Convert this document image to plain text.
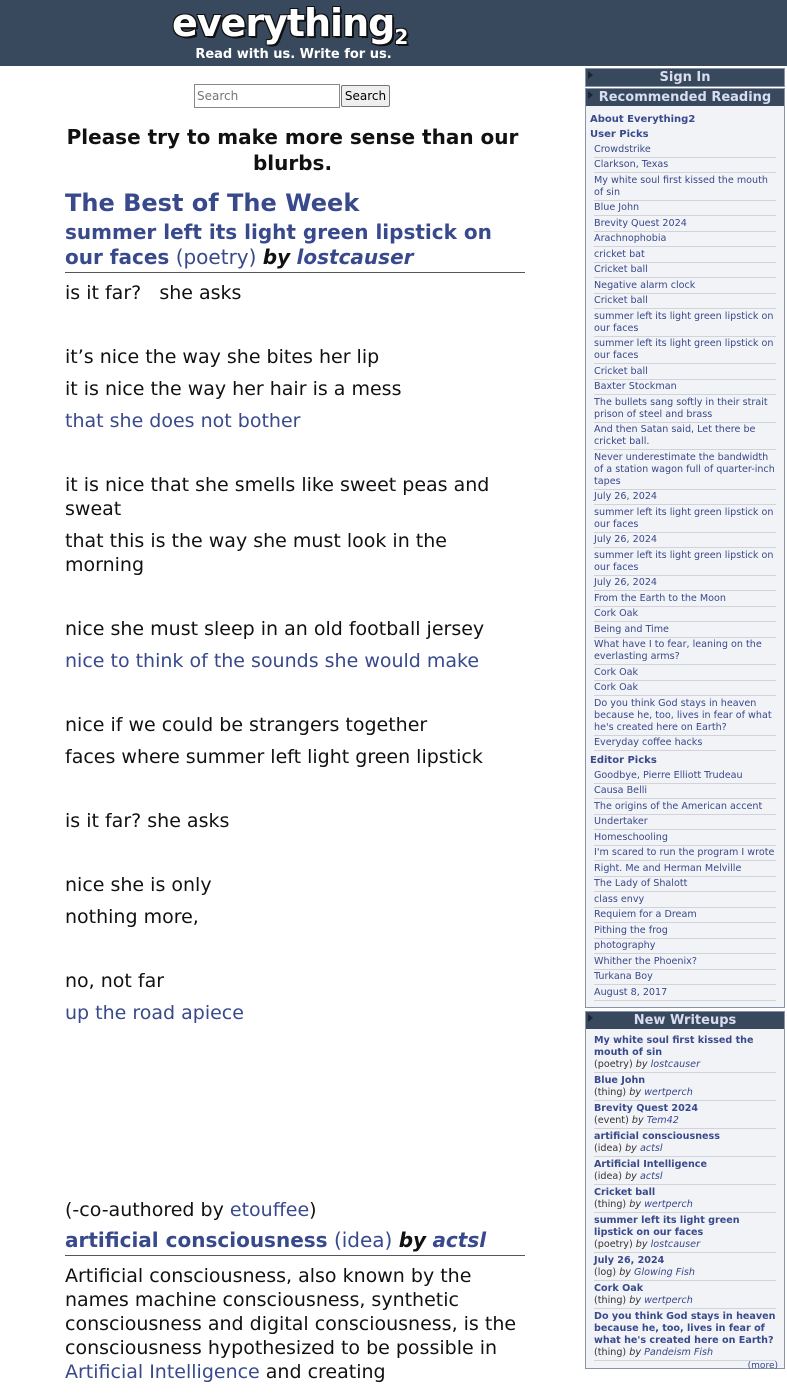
everything$_2$
Read with us. Write for us.
Search
Search
Please try to make more sense than our blurbs.
The Best of The Week
summer left its light green lipstick on our faces (poetry) by lostcauser

is it far?   she asks

it’s nice the way she bites her lip

it is nice the way her hair is a mess

that she does not bother

it is nice that she smells like sweet peas and sweat

that this is the way she must look in the morning

nice she must sleep in an old football jersey

nice to think of the sounds she would make

nice if we could be strangers together

faces where summer left light green lipstick

is it far? she asks

nice she is only

nothing more,

no, not far

up the road apiece

(-co-authored by etouffee)
artificial consciousness (idea) by actsl
Artificial consciousness, also known by the names machine consciousness, synthetic consciousness and digital consciousness, is the consciousness hypothesized to be possible in Artificial Intelligence and creating
Sign In
Recommended Reading
About Everything2
User Picks
Crowdstrike
Clarkson, Texas
My white soul first kissed the mouth of sin
Blue John
Brevity Quest 2024
Arachnophobia
cricket bat
Cricket ball
Negative alarm clock
Cricket ball
summer left its light green lipstick on our faces
summer left its light green lipstick on our faces
Cricket ball
Baxter Stockman
The bullets sang softly in their strait prison of steel and brass
And then Satan said, Let there be cricket ball.
Never underestimate the bandwidth of a station wagon full of quarter-inch tapes
July 26, 2024
summer left its light green lipstick on our faces
July 26, 2024
summer left its light green lipstick on our faces
July 26, 2024
From the Earth to the Moon
Cork Oak
Being and Time
What have I to fear, leaning on the everlasting arms?
Cork Oak
Cork Oak
Do you think God stays in heaven because he, too, lives in fear of what he's created here on Earth?
Everyday coffee hacks
Editor Picks
Goodbye, Pierre Elliott Trudeau
Causa Belli
The origins of the American accent
Undertaker
Homeschooling
I'm scared to run the program I wrote
Right. Me and Herman Melville
The Lady of Shalott
class envy
Requiem for a Dream
Pithing the frog
photography
Whither the Phoenix?
Turkana Boy
August 8, 2017
New Writeups
My white soul first kissed the mouth of sin
(poetry) by lostcauser
Blue John
(thing) by wertperch
Brevity Quest 2024
(event) by Tem42
artificial consciousness
(idea) by actsl
Artificial Intelligence
(idea) by actsl
Cricket ball
(thing) by wertperch
summer left its light green lipstick on our faces
(poetry) by lostcauser
July 26, 2024
(log) by Glowing Fish
Cork Oak
(thing) by wertperch
Do you think God stays in heaven because he, too, lives in fear of what he's created here on Earth?
(thing) by Pandeism Fish
(more)
